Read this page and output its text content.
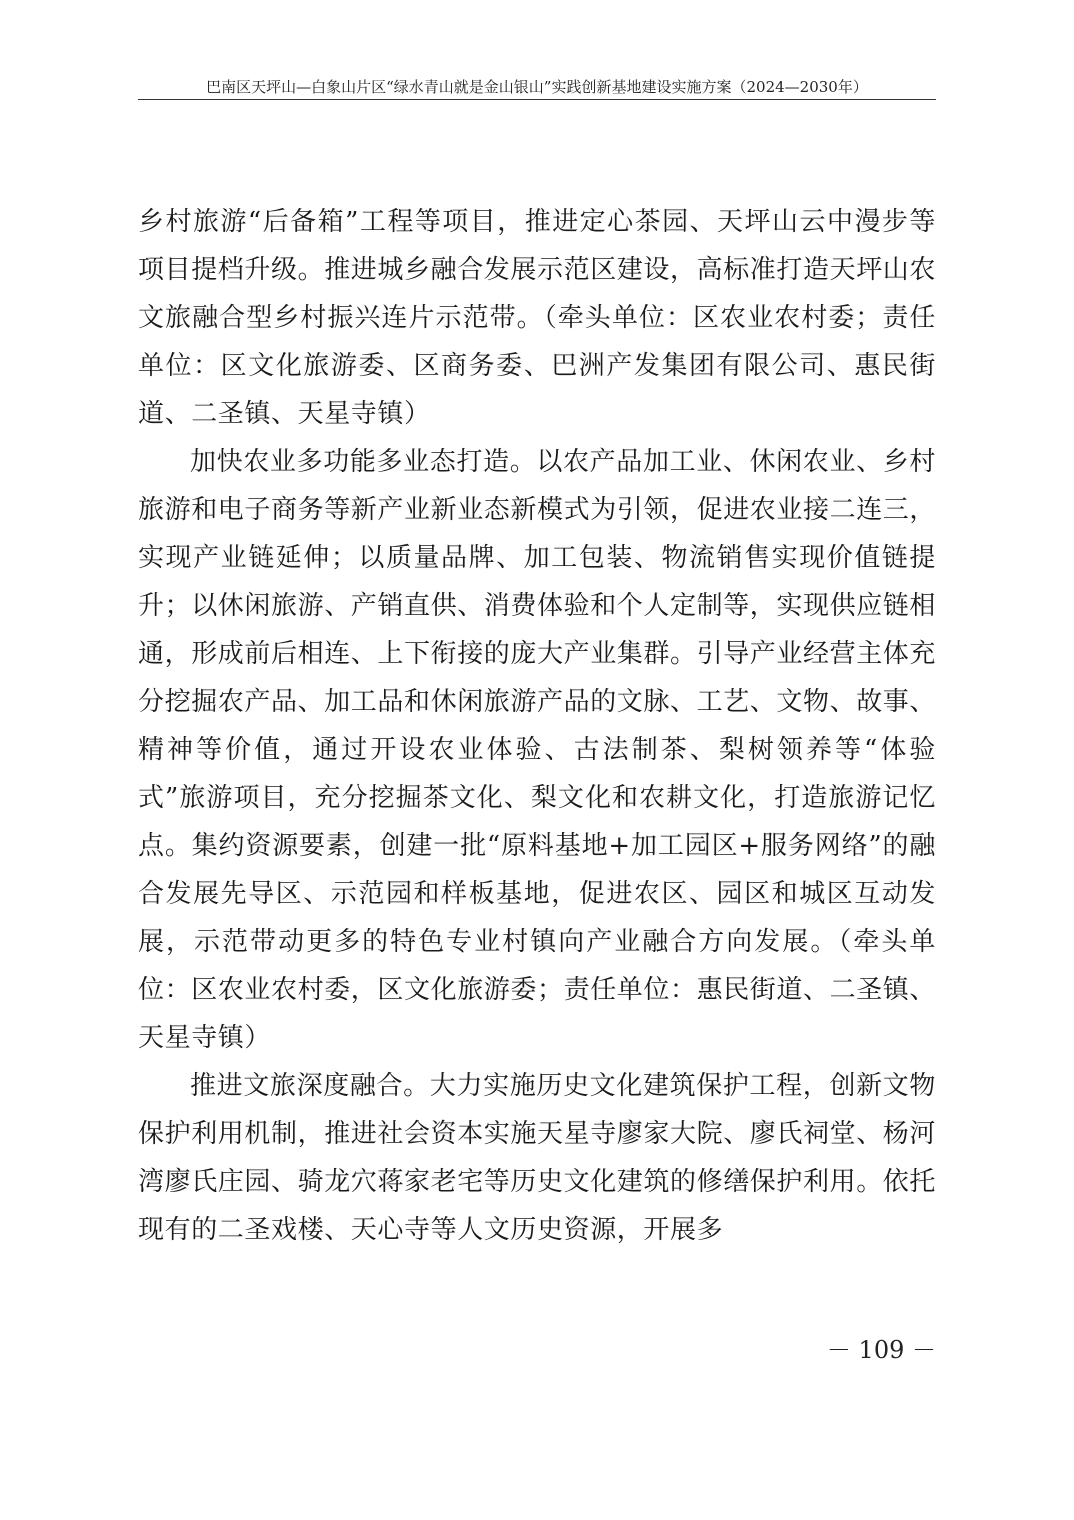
巴南区天坪山—白象山片区“绿水青山就是金山银山”实践创新基地建设实施方案（2024—2030年）

乡村旅游“后备箱”工程等项目，推进定心茶园、天坪山云中漫步等项目提档升级。推进城乡融合发展示范区建设，高标准打造天坪山农文旅融合型乡村振兴连片示范带。（牵头单位：区农业农村委；责任单位：区文化旅游委、区商务委、巴洲产发集团有限公司、惠民街道、二圣镇、天星寺镇）

加快农业多功能多业态打造。以农产品加工业、休闲农业、乡村旅游和电子商务等新产业新业态新模式为引领，促进农业接二连三，实现产业链延伸；以质量品牌、加工包装、物流销售实现价值链提升；以休闲旅游、产销直供、消费体验和个人定制等，实现供应链相通，形成前后相连、上下衔接的庞大产业集群。引导产业经营主体充分挖掘农产品、加工品和休闲旅游产品的文脉、工艺、文物、故事、精神等价值，通过开设农业体验、古法制茶、梨树领养等“体验式”旅游项目，充分挖掘茶文化、梨文化和农耕文化，打造旅游记忆点。集约资源要素，创建一批“原料基地+加工园区+服务网络”的融合发展先导区、示范园和样板基地，促进农区、园区和城区互动发展，示范带动更多的特色专业村镇向产业融合方向发展。（牵头单位：区农业农村委，区文化旅游委；责任单位：惠民街道、二圣镇、天星寺镇）

推进文旅深度融合。大力实施历史文化建筑保护工程，创新文物保护利用机制，推进社会资本实施天星寺廖家大院、廖氏祠堂、杨河湾廖氏庄园、骑龙穴蒋家老宅等历史文化建筑的修缮保护利用。依托现有的二圣戏楼、天心寺等人文历史资源，开展多

－ 109 －
